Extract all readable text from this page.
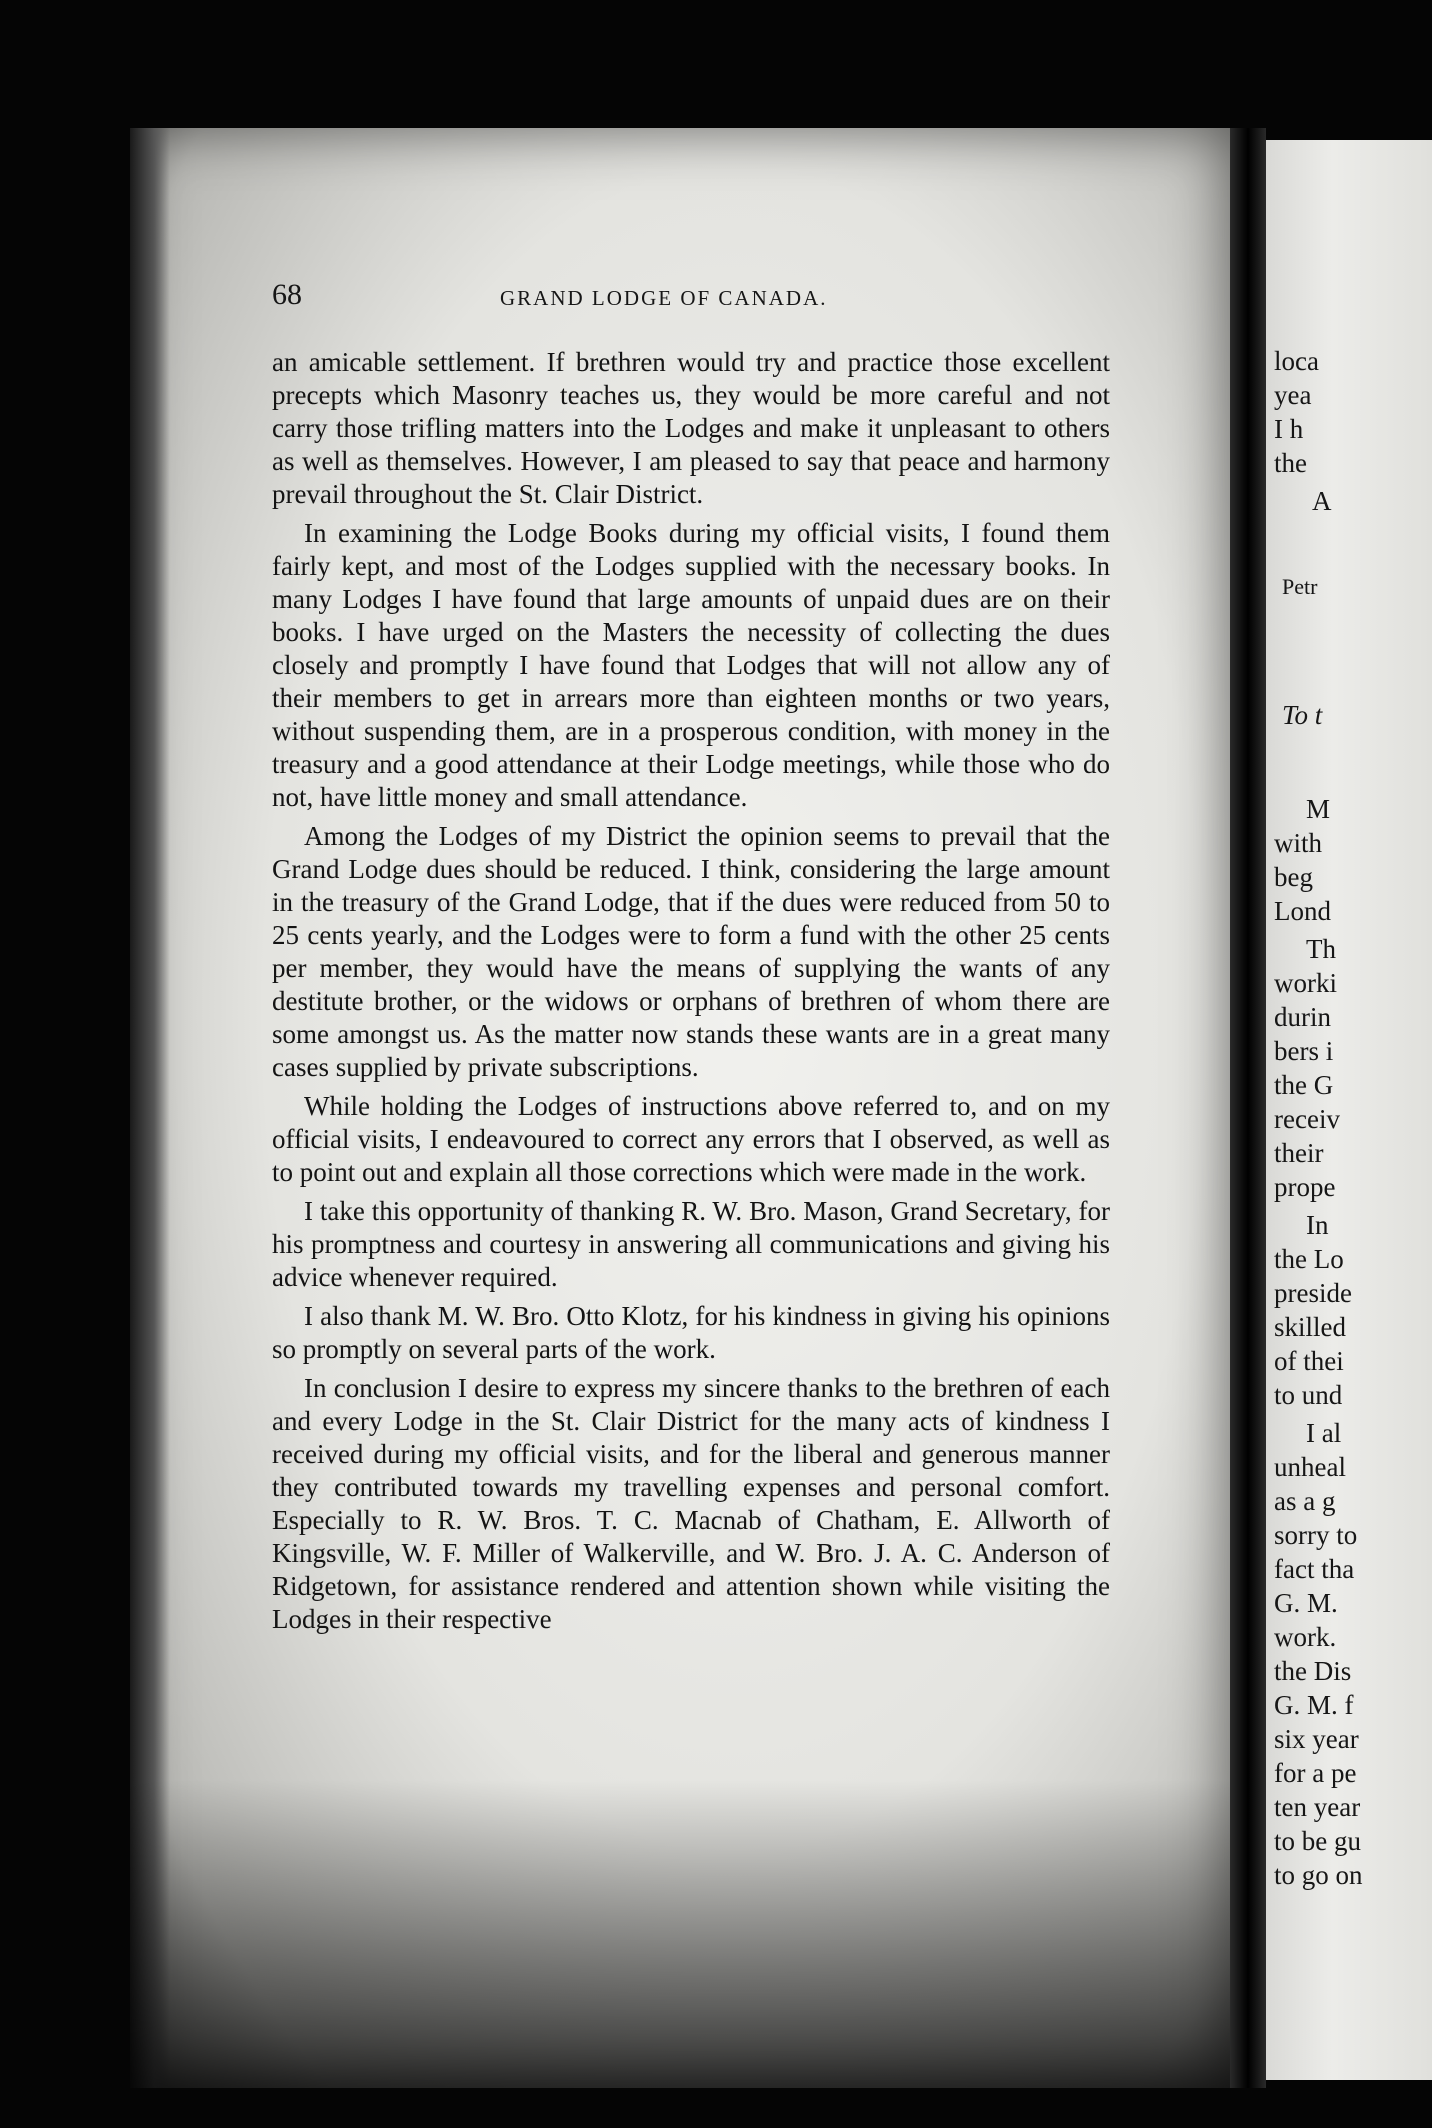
68	GRAND LODGE OF CANADA.

an amicable settlement. If brethren would try and practice those excellent precepts which Masonry teaches us, they would be more careful and not carry those trifling matters into the Lodges and make it unpleasant to others as well as themselves. However, I am pleased to say that peace and harmony prevail throughout the St. Clair District.

In examining the Lodge Books during my official visits, I found them fairly kept, and most of the Lodges supplied with the necessary books. In many Lodges I have found that large amounts of unpaid dues are on their books. I have urged on the Masters the necessity of collecting the dues closely and promptly I have found that Lodges that will not allow any of their members to get in arrears more than eighteen months or two years, without suspending them, are in a prosperous condition, with money in the treasury and a good attendance at their Lodge meetings, while those who do not, have little money and small attendance.

Among the Lodges of my District the opinion seems to prevail that the Grand Lodge dues should be reduced. I think, considering the large amount in the treasury of the Grand Lodge, that if the dues were reduced from 50 to 25 cents yearly, and the Lodges were to form a fund with the other 25 cents per member, they would have the means of supplying the wants of any destitute brother, or the widows or orphans of brethren of whom there are some amongst us. As the matter now stands these wants are in a great many cases supplied by private subscriptions.

While holding the Lodges of instructions above referred to, and on my official visits, I endeavoured to correct any errors that I observed, as well as to point out and explain all those corrections which were made in the work.

I take this opportunity of thanking R. W. Bro. Mason, Grand Secretary, for his promptness and courtesy in answering all communications and giving his advice whenever required.

I also thank M. W. Bro. Otto Klotz, for his kindness in giving his opinions so promptly on several parts of the work.

In conclusion I desire to express my sincere thanks to the brethren of each and every Lodge in the St. Clair District for the many acts of kindness I received during my official visits, and for the liberal and generous manner they contributed towards my travelling expenses and personal comfort. Especially to R. W. Bros. T. C. Macnab of Chatham, E. Allworth of Kingsville, W. F. Miller of Walkerville, and W. Bro. J. A. C. Anderson of Ridgetown, for assistance rendered and attention shown while visiting the Lodges in their respective

loca
yea
I h
the
A
Petr
To t
M
with
beg
Lond
Th
worki
durin
bers i
the G
receiv
their
prope
In
the Lo
preside
skilled
of thei
to und
I al
unheal
as a g
sorry to
fact tha
G. M.
work.
the Dis
G. M. f
six year
for a pe
ten year
to be gu
to go on
